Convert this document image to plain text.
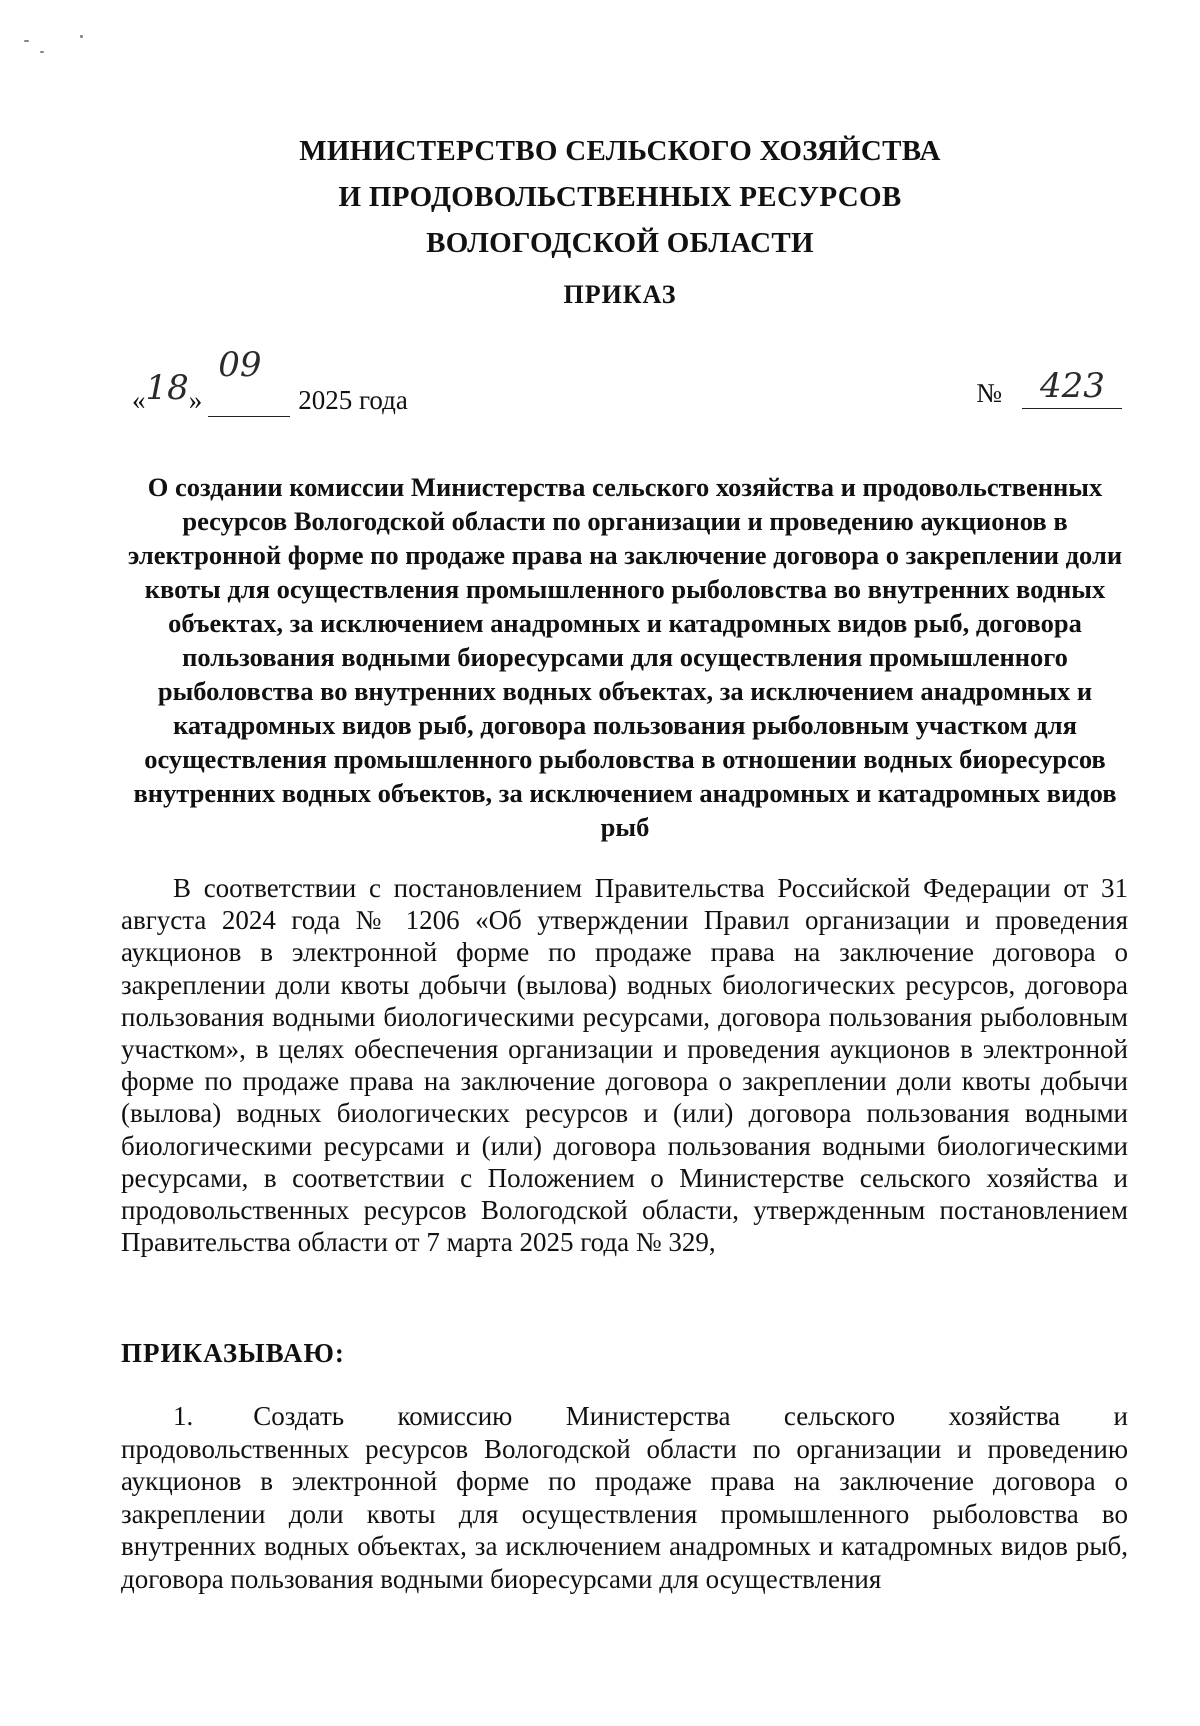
МИНИСТЕРСТВО СЕЛЬСКОГО ХОЗЯЙСТВА
И ПРОДОВОЛЬСТВЕННЫХ РЕСУРСОВ
ВОЛОГОДСКОЙ ОБЛАСТИ
ПРИКАЗ
«18»
09
2025 года	№ 423
О создании комиссии Министерства сельского хозяйства и продовольственных ресурсов Вологодской области по организации и проведению аукционов в электронной форме по продаже права на заключение договора о закреплении доли квоты для осуществления промышленного рыболовства во внутренних водных объектах, за исключением анадромных и катадромных видов рыб, договора пользования водными биоресурсами для осуществления промышленного рыболовства во внутренних водных объектах, за исключением анадромных и катадромных видов рыб, договора пользования рыболовным участком для осуществления промышленного рыболовства в отношении водных биоресурсов внутренних водных объектов, за исключением анадромных и катадромных видов рыб
В соответствии с постановлением Правительства Российской Федерации от 31 августа 2024 года № 1206 «Об утверждении Правил организации и проведения аукционов в электронной форме по продаже права на заключение договора о закреплении доли квоты добычи (вылова) водных биологических ресурсов, договора пользования водными биологическими ресурсами, договора пользования рыболовным участком», в целях обеспечения организации и проведения аукционов в электронной форме по продаже права на заключение договора о закреплении доли квоты добычи (вылова) водных биологических ресурсов и (или) договора пользования водными биологическими ресурсами и (или) договора пользования водными биологическими ресурсами, в соответствии с Положением о Министерстве сельского хозяйства и продовольственных ресурсов Вологодской области, утвержденным постановлением Правительства области от 7 марта 2025 года № 329,
ПРИКАЗЫВАЮ:
1. Создать комиссию Министерства сельского хозяйства и продовольственных ресурсов Вологодской области по организации и проведению аукционов в электронной форме по продаже права на заключение договора о закреплении доли квоты для осуществления промышленного рыболовства во внутренних водных объектах, за исключением анадромных и катадромных видов рыб, договора пользования водными биоресурсами для осуществления
